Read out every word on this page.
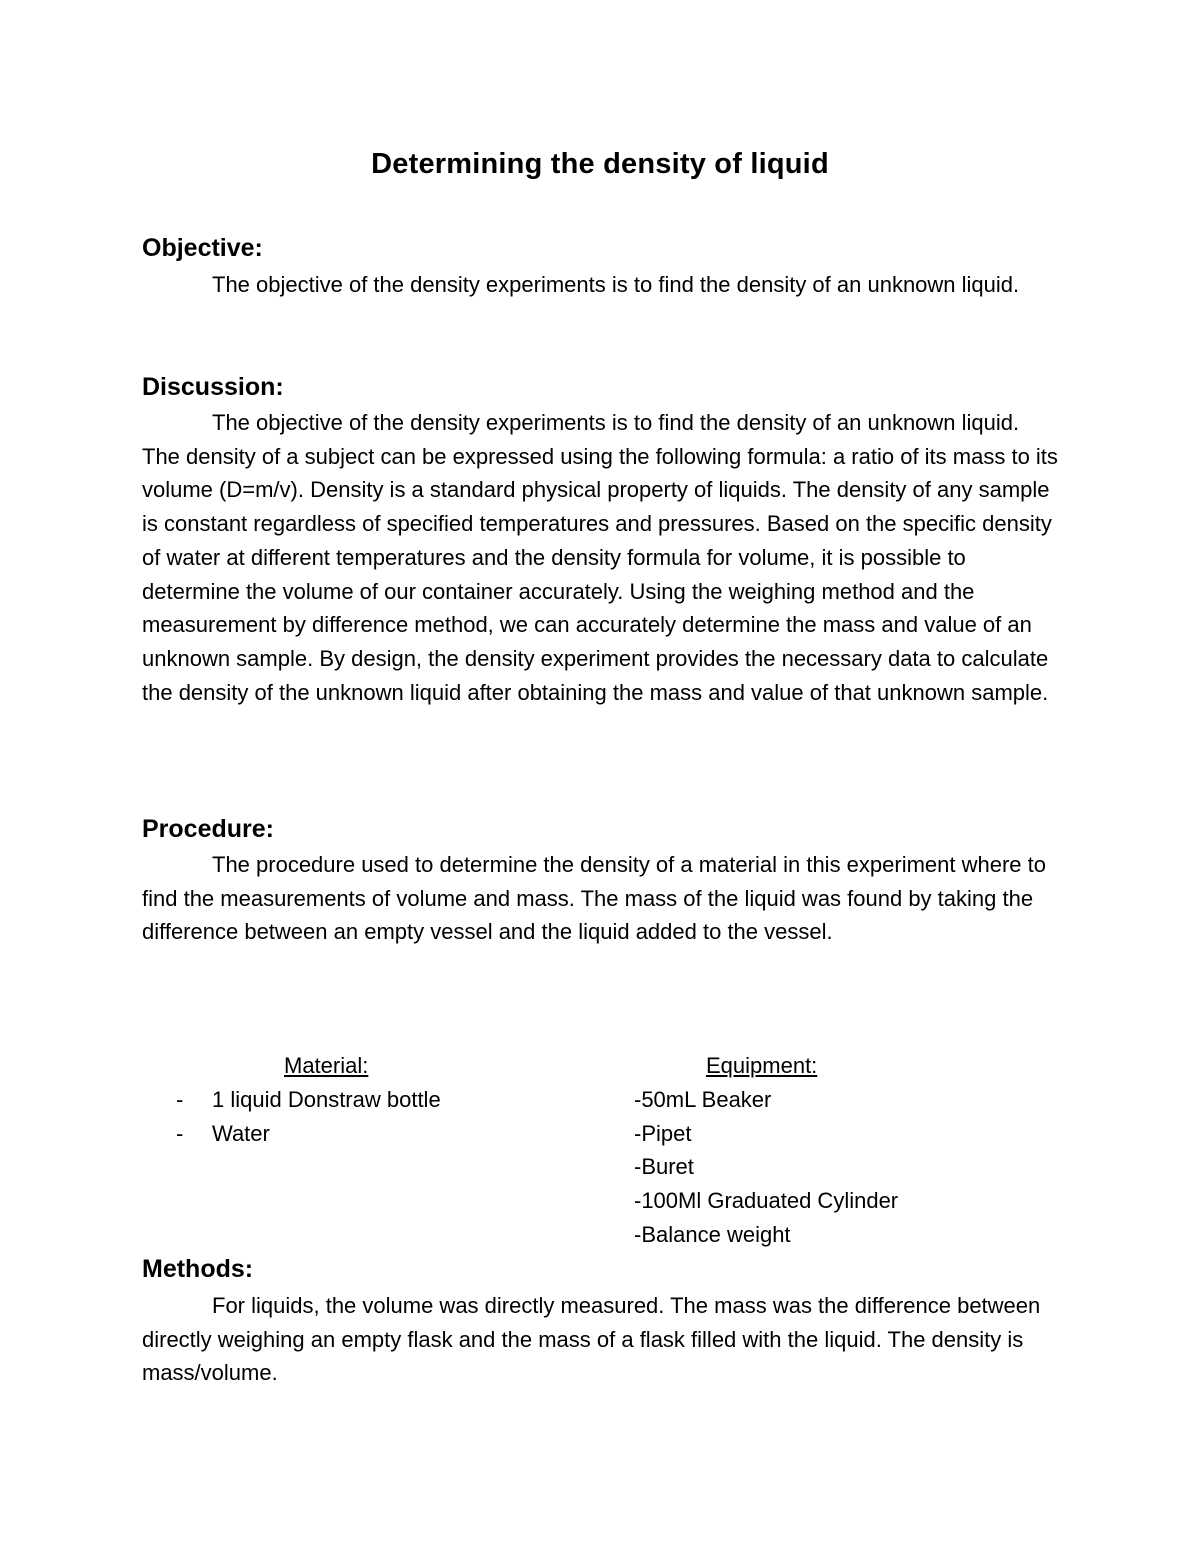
Determining the density of liquid
Objective:

The objective of the density experiments is to find the density of an unknown liquid.

Discussion:

The objective of the density experiments is to find the density of an unknown liquid. The density of a subject can be expressed using the following formula: a ratio of its mass to its volume (D=m/v). Density is a standard physical property of liquids. The density of any sample is constant regardless of specified temperatures and pressures. Based on the specific density of water at different temperatures and the density formula for volume, it is possible to determine the volume of our container accurately. Using the weighing method and the measurement by difference method, we can accurately determine the mass and value of an unknown sample. By design, the density experiment provides the necessary data to calculate the density of the unknown liquid after obtaining the mass and value of that unknown sample.

Procedure:

The procedure used to determine the density of a material in this experiment where to find the measurements of volume and mass. The mass of the liquid was found by taking the difference between an empty vessel and the liquid added to the vessel.

Material:
- 1 liquid Donstraw bottle
- Water
Equipment:
-50mL Beaker
-Pipet
-Buret
-100Ml Graduated Cylinder
-Balance weight
Methods:

For liquids, the volume was directly measured. The mass was the difference between directly weighing an empty flask and the mass of a flask filled with the liquid. The density is mass/volume.
